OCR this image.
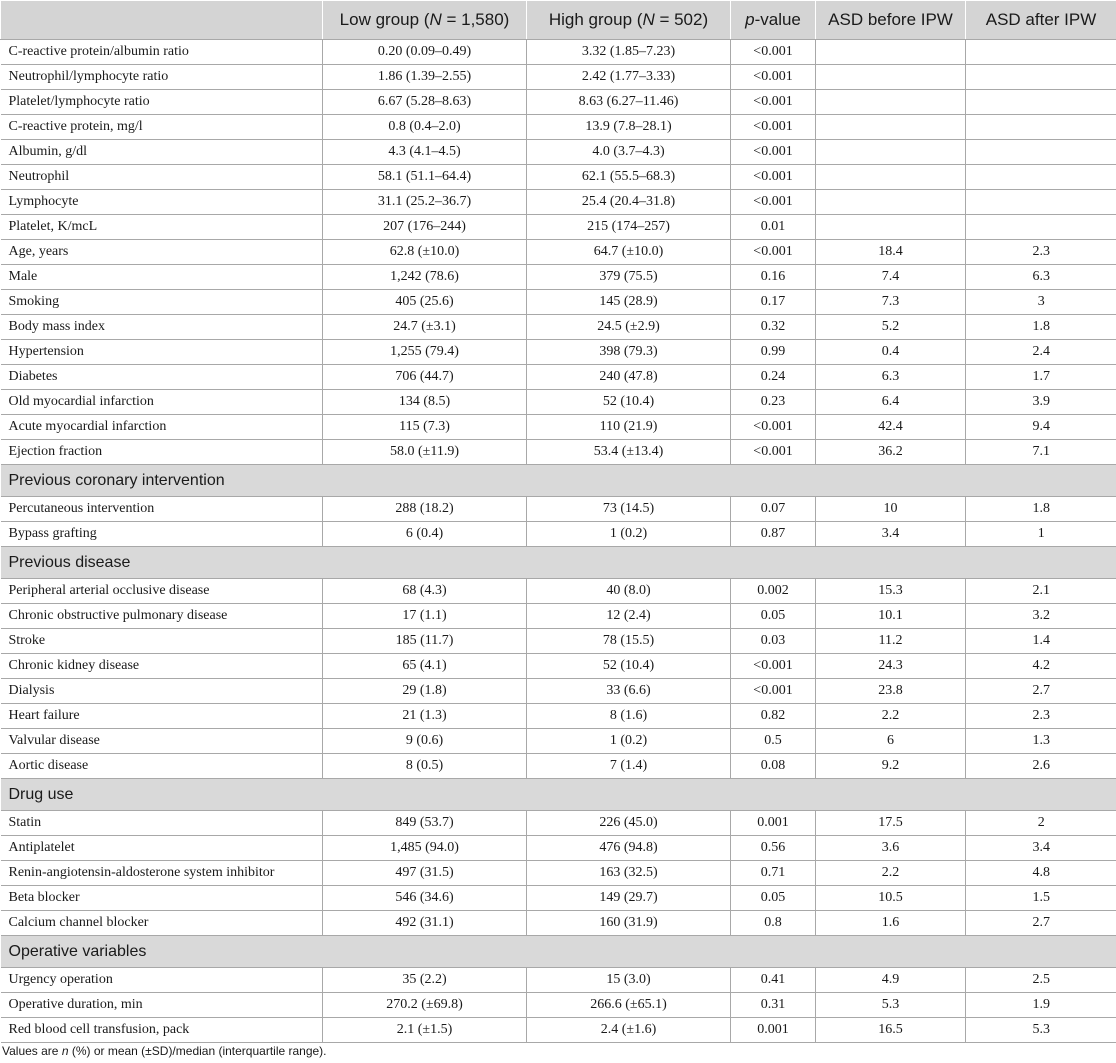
	Low group (N = 1,580)	High group (N = 502)	p-value	ASD before IPW	ASD after IPW
C-reactive protein/albumin ratio	0.20 (0.09–0.49)	3.32 (1.85–7.23)	<0.001		
Neutrophil/lymphocyte ratio	1.86 (1.39–2.55)	2.42 (1.77–3.33)	<0.001		
Platelet/lymphocyte ratio	6.67 (5.28–8.63)	8.63 (6.27–11.46)	<0.001		
C-reactive protein, mg/l	0.8 (0.4–2.0)	13.9 (7.8–28.1)	<0.001		
Albumin, g/dl	4.3 (4.1–4.5)	4.0 (3.7–4.3)	<0.001		
Neutrophil	58.1 (51.1–64.4)	62.1 (55.5–68.3)	<0.001		
Lymphocyte	31.1 (25.2–36.7)	25.4 (20.4–31.8)	<0.001		
Platelet, K/mcL	207 (176–244)	215 (174–257)	0.01		
Age, years	62.8 (±10.0)	64.7 (±10.0)	<0.001	18.4	2.3
Male	1,242 (78.6)	379 (75.5)	0.16	7.4	6.3
Smoking	405 (25.6)	145 (28.9)	0.17	7.3	3
Body mass index	24.7 (±3.1)	24.5 (±2.9)	0.32	5.2	1.8
Hypertension	1,255 (79.4)	398 (79.3)	0.99	0.4	2.4
Diabetes	706 (44.7)	240 (47.8)	0.24	6.3	1.7
Old myocardial infarction	134 (8.5)	52 (10.4)	0.23	6.4	3.9
Acute myocardial infarction	115 (7.3)	110 (21.9)	<0.001	42.4	9.4
Ejection fraction	58.0 (±11.9)	53.4 (±13.4)	<0.001	36.2	7.1
Previous coronary intervention					
Percutaneous intervention	288 (18.2)	73 (14.5)	0.07	10	1.8
Bypass grafting	6 (0.4)	1 (0.2)	0.87	3.4	1
Previous disease					
Peripheral arterial occlusive disease	68 (4.3)	40 (8.0)	0.002	15.3	2.1
Chronic obstructive pulmonary disease	17 (1.1)	12 (2.4)	0.05	10.1	3.2
Stroke	185 (11.7)	78 (15.5)	0.03	11.2	1.4
Chronic kidney disease	65 (4.1)	52 (10.4)	<0.001	24.3	4.2
Dialysis	29 (1.8)	33 (6.6)	<0.001	23.8	2.7
Heart failure	21 (1.3)	8 (1.6)	0.82	2.2	2.3
Valvular disease	9 (0.6)	1 (0.2)	0.5	6	1.3
Aortic disease	8 (0.5)	7 (1.4)	0.08	9.2	2.6
Drug use					
Statin	849 (53.7)	226 (45.0)	0.001	17.5	2
Antiplatelet	1,485 (94.0)	476 (94.8)	0.56	3.6	3.4
Renin-angiotensin-aldosterone system inhibitor	497 (31.5)	163 (32.5)	0.71	2.2	4.8
Beta blocker	546 (34.6)	149 (29.7)	0.05	10.5	1.5
Calcium channel blocker	492 (31.1)	160 (31.9)	0.8	1.6	2.7
Operative variables					
Urgency operation	35 (2.2)	15 (3.0)	0.41	4.9	2.5
Operative duration, min	270.2 (±69.8)	266.6 (±65.1)	0.31	5.3	1.9
Red blood cell transfusion, pack	2.1 (±1.5)	2.4 (±1.6)	0.001	16.5	5.3
Values are n (%) or mean (±SD)/median (interquartile range).
